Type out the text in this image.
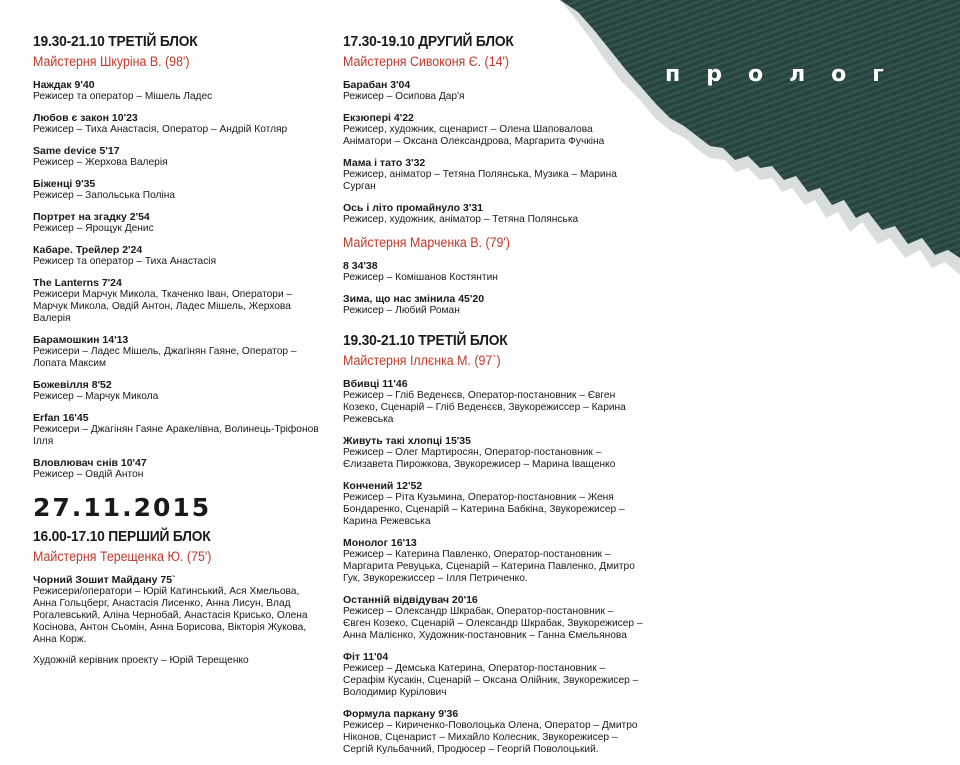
пролог
19.30-21.10 ТРЕТІЙ БЛОК
Майстерня Шкуріна В. (98')
Наждак 9'40
Режисер та оператор – Мішель Ладес
Любов є закон 10'23
Режисер – Тиха Анастасія, Оператор – Андрій Котляр
Same device 5'17
Режисер – Жерхова Валерія
Біженці 9'35
Режисер – Запольська Поліна
Портрет на згадку 2'54
Режисер – Ярощук Денис
Кабаре. Трейлер 2'24
Режисер та оператор – Тиха Анастасія
The Lanterns 7'24
Режисери Марчук Микола, Ткаченко Іван, Оператори – Марчук Микола, Овдій Антон, Ладес Мішель, Жерхова Валерія
Барамошкин 14'13
Режисери – Ладес Мішель, Джагінян Гаяне, Оператор – Лопата Максим
Божевілля 8'52
Режисер – Марчук Микола
Erfan 16'45
Режисери – Джагінян Гаяне Аракелівна, Волинець-Тріфонов Ілля
Вловлювач снів 10'47
Режисер – Овдій Антон
27.11.2015
16.00-17.10 ПЕРШИЙ БЛОК
Майстерня Терещенка Ю. (75')
Чорний Зошит Майдану 75`
Режисери/оператори – Юрій Катинський, Ася Хмельова, Анна Гольцберг, Анастасія Лисенко, Анна Лисун, Влад Рогалевський, Аліна Чернобай, Анастасія Крисько, Олена Косінова, Антон Сьомін, Анна Борисова, Вікторія Жукова, Анна Корж.
Художній керівник проекту – Юрій Терещенко
17.30-19.10 ДРУГИЙ БЛОК
Майстерня Сивоконя Є. (14')
Барабан 3'04
Режисер – Осипова Дар'я
Екзюпері 4'22
Режисер, художник, сценарист – Олена Шаповалова Аніматори – Оксана Олександрова, Маргарита Фучкіна
Мама і тато 3'32
Режисер, аніматор – Тетяна Полянська, Музика – Марина Сурган
Ось і літо промайнуло 3'31
Режисер, художник, аніматор – Тетяна Полянська
Майстерня Марченка В. (79')
8 34'38
Режисер – Комішанов Костянтин
Зима, що нас змінила 45'20
Режисер – Любий Роман
19.30-21.10 ТРЕТІЙ БЛОК
Майстерня Іллєнка М. (97`)
Вбивці 11'46
Режисер – Гліб Веденєєв, Оператор-постановник – Євген Козеко, Сценарій – Гліб Веденєєв, Звукорежиссер – Карина Режевська
Живуть такі хлопці 15'35
Режисер – Олег Мартиросян, Оператор-постановник – Єлизавета Пирожкова, Звукорежисер – Марина Іващенко
Кончений 12'52
Режисер – Ріта Кузьмина, Оператор-постановник – Женя Бондаренко, Сценарій – Катерина Бабкіна, Звукорежисер – Карина Режевська
Монолог 16'13
Режисер – Катерина Павленко, Оператор-постановник – Маргарита Ревуцька, Сценарій – Катерина Павленко, Дмитро Гук, Звукорежиссер – Ілля Петриченко.
Останній відвідувач 20'16
Режисер – Олександр Шкрабак, Оператор-постановник – Євген Козеко, Сценарій – Олександр Шкрабак, Звукорежисер – Анна Малієнко, Художник-постановник – Ганна Ємельянова
Фіт 11'04
Режисер – Демська Катерина, Оператор-постановник – Серафім Кусакін, Сценарій – Оксана Олійник, Звукорежисер – Володимир Курілович
Формула паркану 9'36
Режисер – Кириченко-Поволоцька Олена, Оператор – Дмитро Ніконов, Сценарист – Михайло Колесник, Звукорежисер – Сергій Кульбачний, Продюсер – Георгій Поволоцький.
